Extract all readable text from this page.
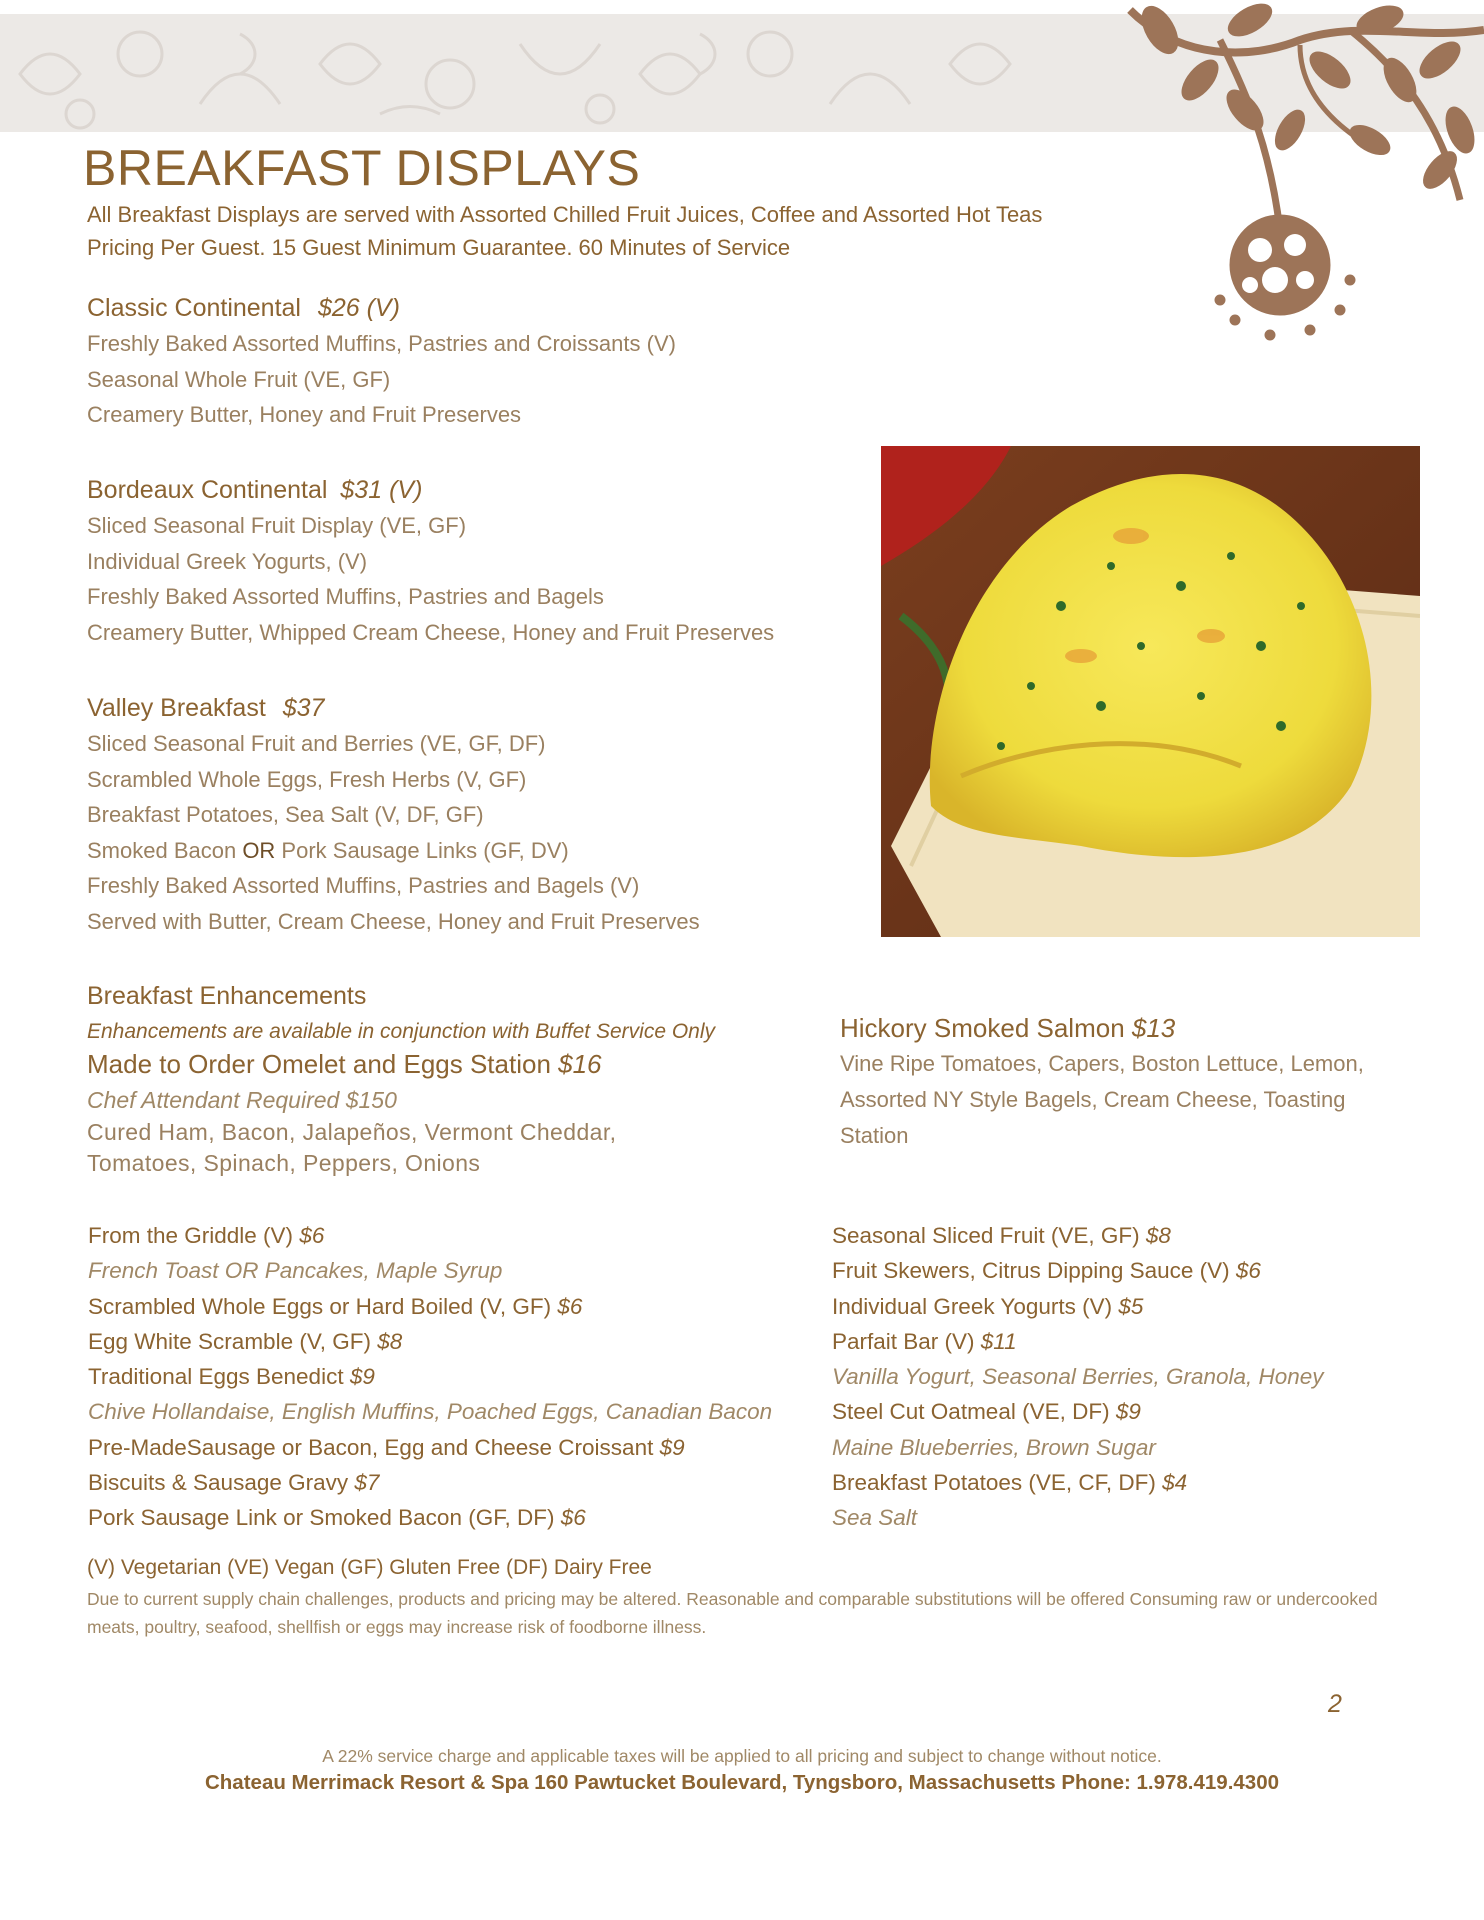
BREAKFAST DISPLAYS
All Breakfast Displays are served with Assorted Chilled Fruit Juices, Coffee and Assorted Hot Teas
Pricing Per Guest. 15 Guest Minimum Guarantee. 60 Minutes of Service
Classic Continental $26 (V)
Freshly Baked Assorted Muffins, Pastries and Croissants (V)
Seasonal Whole Fruit (VE, GF)
Creamery Butter, Honey and Fruit Preserves
Bordeaux Continental $31 (V)
Sliced Seasonal Fruit Display (VE, GF)
Individual Greek Yogurts, (V)
Freshly Baked Assorted Muffins, Pastries and Bagels
Creamery Butter, Whipped Cream Cheese, Honey and Fruit Preserves
Valley Breakfast $37
Sliced Seasonal Fruit and Berries (VE, GF, DF)
Scrambled Whole Eggs, Fresh Herbs (V, GF)
Breakfast Potatoes, Sea Salt (V, DF, GF)
Smoked Bacon OR Pork Sausage Links (GF, DV)
Freshly Baked Assorted Muffins, Pastries and Bagels (V)
Served with Butter, Cream Cheese, Honey and Fruit Preserves
Breakfast Enhancements
Enhancements are available in conjunction with Buffet Service Only
Made to Order Omelet and Eggs Station $16
Chef Attendant Required $150
Cured Ham, Bacon, Jalapeños, Vermont Cheddar,
Tomatoes, Spinach, Peppers, Onions
Hickory Smoked Salmon $13
Vine Ripe Tomatoes, Capers, Boston Lettuce, Lemon,
Assorted NY Style Bagels, Cream Cheese, Toasting
Station
From the Griddle (V) $6
French Toast OR Pancakes, Maple Syrup
Scrambled Whole Eggs or Hard Boiled (V, GF) $6
Egg White Scramble (V, GF) $8
Traditional Eggs Benedict $9
Chive Hollandaise, English Muffins, Poached Eggs, Canadian Bacon
Pre-MadeSausage or Bacon, Egg and Cheese Croissant $9
Biscuits & Sausage Gravy $7
Pork Sausage Link or Smoked Bacon (GF, DF) $6
Seasonal Sliced Fruit (VE, GF) $8
Fruit Skewers, Citrus Dipping Sauce (V) $6
Individual Greek Yogurts (V) $5
Parfait Bar (V) $11
Vanilla Yogurt, Seasonal Berries, Granola, Honey
Steel Cut Oatmeal (VE, DF) $9
Maine Blueberries, Brown Sugar
Breakfast Potatoes (VE, CF, DF) $4
Sea Salt
(V) Vegetarian (VE) Vegan (GF) Gluten Free (DF) Dairy Free
Due to current supply chain challenges, products and pricing may be altered. Reasonable and comparable substitutions will be offered Consuming raw or undercooked meats, poultry, seafood, shellfish or eggs may increase risk of foodborne illness.
2
A 22% service charge and applicable taxes will be applied to all pricing and subject to change without notice.
Chateau Merrimack Resort & Spa 160 Pawtucket Boulevard, Tyngsboro, Massachusetts Phone: 1.978.419.4300
